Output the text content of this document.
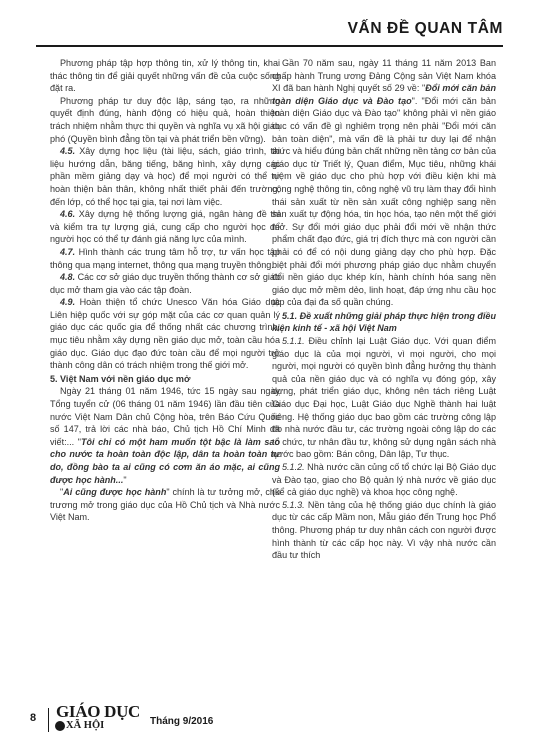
VẤN ĐỀ QUAN TÂM

Phương pháp tập hợp thông tin, xử lý thông tin, khai thác thông tin để giải quyết những vấn đề của cuộc sống đặt ra.

Phương pháp tư duy độc lập, sáng tạo, ra những quyết định đúng, hành động có hiệu quả, hoàn thiện trách nhiệm nhằm thực thi quyền và nghĩa vụ xã hội giáo phó (Quyền bình đẳng tồn tại và phát triển bền vững).

4.5. Xây dựng học liệu (tài liệu, sách, giáo trình, tài liệu hướng dẫn, băng tiếng, băng hình, xây dựng các phần mềm giảng dạy và học) để mọi người có thể tự hoàn thiện bản thân, không nhất thiết phải đến trường, đến lớp, có thể học tại gia, tại nơi làm việc.

4.6. Xây dựng hệ thống lượng giá, ngân hàng đề thi và kiểm tra tự lượng giá, cung cấp cho người học để người học có thể tự đánh giá năng lực của mình.

4.7. Hình thành các trung tâm hỗ trợ, tư vấn học tập thông qua mạng internet, thông qua mạng truyền thông.

4.8. Các cơ sở giáo dục truyền thống thành cơ sở giáo dục mở tham gia vào các tập đoàn.

4.9. Hoàn thiện tổ chức Unesco Văn hóa Giáo dục Liên hiệp quốc với sự góp mặt của các cơ quan quản lý giáo dục các quốc gia để thống nhất các chương trình, mục tiêu nhằm xây dựng nền giáo dục mở, toàn cầu hóa giáo dục. Giáo dục đạo đức toàn cầu để mọi người trở thành công dân có trách nhiệm trong thế giới mở.

5. Việt Nam với nền giáo dục mở

Ngày 21 tháng 01 năm 1946, tức 15 ngày sau ngày Tổng tuyển cử (06 tháng 01 năm 1946) lần đầu tiên của nước Việt Nam Dân chủ Cộng hòa, trên Báo Cứu Quốc số 147, trả lời các nhà báo, Chủ tịch Hồ Chí Minh đã viết:... "Tôi chỉ có một ham muốn tột bậc là làm sao cho nước ta hoàn toàn độc lập, dân ta hoàn toàn tự do, đồng bào ta ai cũng có cơm ăn áo mặc, ai cũng được học hành..."

"Ai cũng được học hành" chính là tư tưởng mở, chủ trương mở trong giáo dục của Hồ Chủ tịch và Nhà nước Việt Nam.

Gần 70 năm sau, ngày 11 tháng 11 năm 2013 Ban chấp hành Trung ương Đảng Cộng sản Việt Nam khóa XI đã ban hành Nghị quyết số 29 về: "Đổi mới căn bản toàn diện Giáo dục và Đào tạo". "Đổi mới căn bản toàn diện Giáo dục và Đào tạo" không phải vì nền giáo dục có vấn đề gì nghiêm trọng nên phải "Đổi mới căn bản toàn diện", mà vấn đề là phải tư duy lại để nhận thức và hiểu đúng bản chất những nền tảng cơ bản của giáo dục từ Triết lý, Quan điểm, Mục tiêu, những khái niệm về giáo dục cho phù hợp với điều kiện khi mà công nghệ thông tin, công nghệ vũ trụ làm thay đổi hình thái sản xuất từ nền sản xuất công nghiệp sang nền sản xuất tự động hóa, tin học hóa, tạo nên một thế giới mở. Sự đổi mới giáo dục phải đổi mới về nhận thức phẩm chất đạo đức, giá trị đích thực mà con người cần phải có để có nội dung giảng dạy cho phù hợp. Đặc biệt phải đổi mới phương pháp giáo dục nhằm chuyển đổi nền giáo dục khép kín, hành chính hóa sang nền giáo dục mở mềm dẻo, linh hoạt, đáp ứng nhu cầu học tập của đại đa số quần chúng.

5.1. Đề xuất những giải pháp thực hiện trong điều kiện kinh tế - xã hội Việt Nam

5.1.1. Điều chỉnh lại Luật Giáo dục. Với quan điểm giáo dục là của mọi người, vì mọi người, cho mọi người, mọi người có quyền bình đẳng hưởng thụ thành quả của nền giáo dục và có nghĩa vụ đóng góp, xây dựng, phát triển giáo dục, không nên tách riêng Luật Giáo dục Đại học, Luật Giáo dục Nghề thành hai luật riêng. Hệ thống giáo dục bao gồm các trường công lập do nhà nước đầu tư, các trường ngoài công lập do các tổ chức, tư nhân đầu tư, không sử dụng ngân sách nhà nước bao gồm: Bán công, Dân lập, Tư thục.

5.1.2. Nhà nước cần củng cố tổ chức lại Bộ Giáo dục và Đào tạo, giao cho Bộ quản lý nhà nước về giáo dục (kể cả giáo dục nghề) và khoa học công nghệ.

5.1.3. Nền tảng của hệ thống giáo dục chính là giáo dục từ các cấp Mầm non, Mẫu giáo đến Trung học Phổ thông. Phương pháp tư duy nhân cách con người được hình thành từ các cấp học này. Vì vậy nhà nước cần đầu tư thích

8 GIÁO DỤC
XÃ HỘI	Tháng 9/2016
